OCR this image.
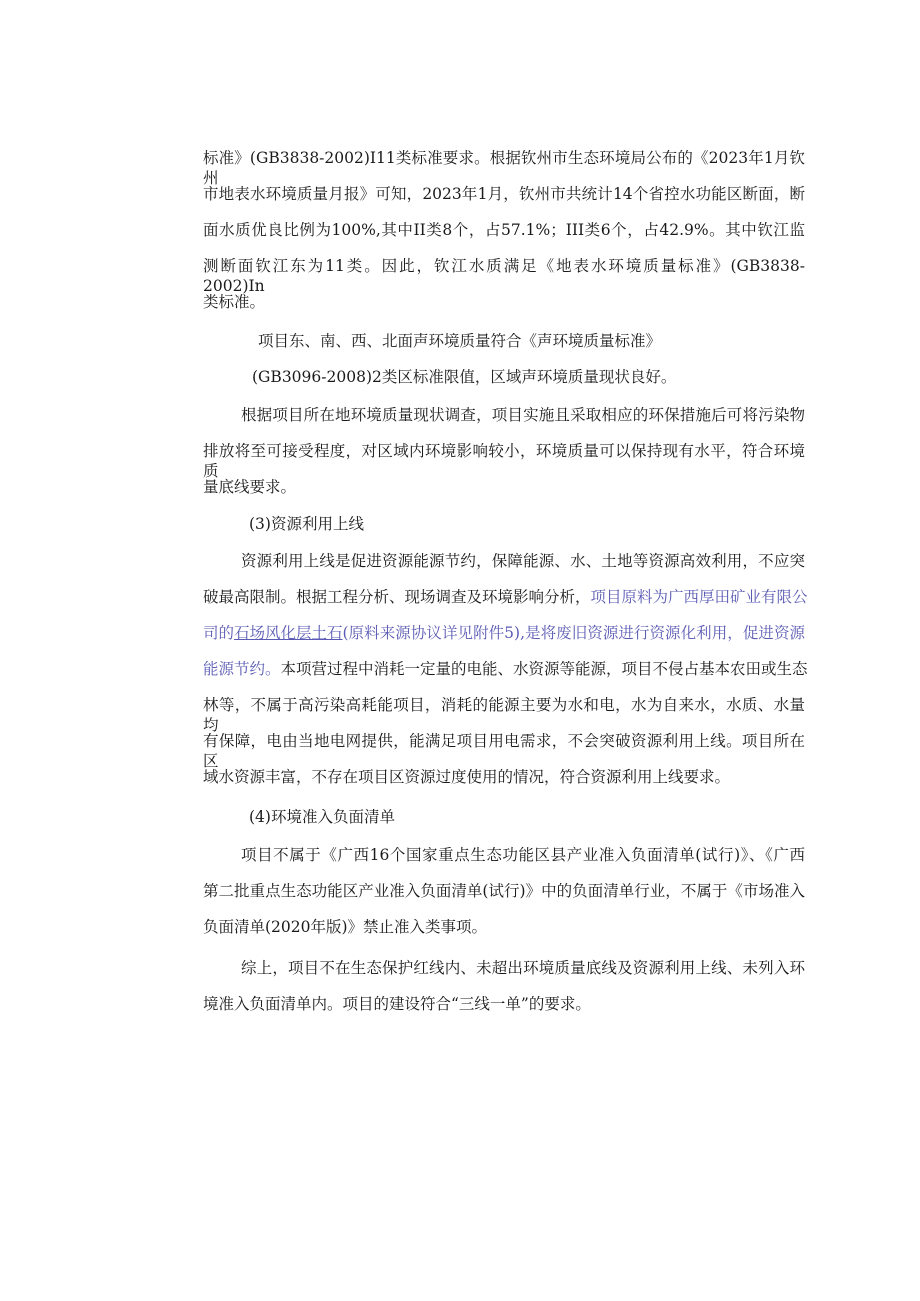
标准》(GB3838-2002)I11类标准要求。根据钦州市生态环境局公布的《2023年1月钦州
市地表水环境质量月报》可知，2023年1月，钦州市共统计14个省控水功能区断面，断
面水质优良比例为100%,其中II类8个，占57.1%；III类6个，占42.9%。其中钦江监
测断面钦江东为11类。因此，钦江水质满足《地表水环境质量标准》(GB3838-2002)In
类标准。
项目东、南、西、北面声环境质量符合《声环境质量标准》
(GB3096-2008)2类区标准限值，区域声环境质量现状良好。
根据项目所在地环境质量现状调查，项目实施且采取相应的环保措施后可将污染物
排放将至可接受程度，对区域内环境影响较小，环境质量可以保持现有水平，符合环境质
量底线要求。
(3)资源利用上线
资源利用上线是促进资源能源节约，保障能源、水、土地等资源高效利用，不应突
破最高限制。根据工程分析、现场调查及环境影响分析， 项目原料为广西厚田矿业有限公
司的 石场风化层土石 (原料来源协议详见附件5),是将废旧资源进行资源化利用，促进资源
能源节约。 本项营过程中消耗一定量的电能、水资源等能源，项目不侵占基本农田或生态
林等，不属于高污染高耗能项目，消耗的能源主要为水和电，水为自来水，水质、水量均
有保障，电由当地电网提供，能满足项目用电需求，不会突破资源利用上线。项目所在区
域水资源丰富，不存在项目区资源过度使用的情况，符合资源利用上线要求。
(4)环境准入负面清单
项目不属于《广西16个国家重点生态功能区县产业准入负面清单(试行)》、《广西
第二批重点生态功能区产业准入负面清单(试行)》中的负面清单行业，不属于《市场准入
负面清单(2020年版)》禁止准入类事项。
综上，项目不在生态保护红线内、未超出环境质量底线及资源利用上线、未列入环
境准入负面清单内。项目的建设符合“三线一单”的要求。
